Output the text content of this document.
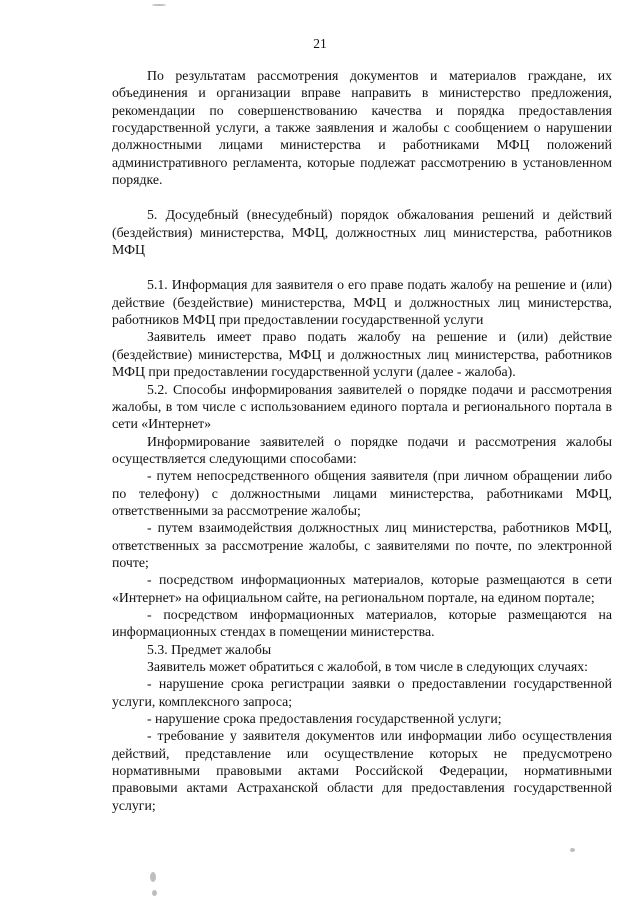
21

По результатам рассмотрения документов и материалов граждане, их объединения и организации вправе направить в министерство предложения, рекомендации по совершенствованию качества и порядка предоставления государственной услуги, а также заявления и жалобы с сообщением о нарушении должностными лицами министерства и работниками МФЦ положений административного регламента, которые подлежат рассмотрению в установленном порядке.

5. Досудебный (внесудебный) порядок обжалования решений и действий (бездействия) министерства, МФЦ, должностных лиц министерства, работников МФЦ

5.1. Информация для заявителя о его праве подать жалобу на решение и (или) действие (бездействие) министерства, МФЦ и должностных лиц министерства, работников МФЦ при предоставлении государственной услуги

Заявитель имеет право подать жалобу на решение и (или) действие (бездействие) министерства, МФЦ и должностных лиц министерства, работников МФЦ при предоставлении государственной услуги (далее - жалоба).

5.2. Способы информирования заявителей о порядке подачи и рассмотрения жалобы, в том числе с использованием единого портала и регионального портала в сети «Интернет»

Информирование заявителей о порядке подачи и рассмотрения жалобы осуществляется следующими способами:

- путем непосредственного общения заявителя (при личном обращении либо по телефону) с должностными лицами министерства, работниками МФЦ, ответственными за рассмотрение жалобы;

- путем взаимодействия должностных лиц министерства, работников МФЦ, ответственных за рассмотрение жалобы, с заявителями по почте, по электронной почте;

- посредством информационных материалов, которые размещаются в сети «Интернет» на официальном сайте, на региональном портале, на едином портале;

- посредством информационных материалов, которые размещаются на информационных стендах в помещении министерства.

5.3. Предмет жалобы

Заявитель может обратиться с жалобой, в том числе в следующих случаях:

- нарушение срока регистрации заявки о предоставлении государственной услуги, комплексного запроса;

- нарушение срока предоставления государственной услуги;

- требование у заявителя документов или информации либо осуществления действий, представление или осуществление которых не предусмотрено нормативными правовыми актами Российской Федерации, нормативными правовыми актами Астраханской области для предоставления государственной услуги;
